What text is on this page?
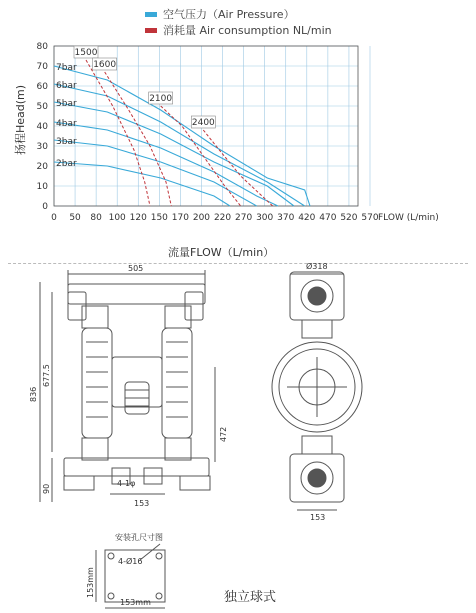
空气压力（Air Pressure）
消耗量 Air consumption NL/min
扬程Head(m)
0
10
20
30
40
50
60
70
80
0 50 80 100 120 150 170 200 220 270 300 370 420 470 520 570 FLOW (L/min)
7bar
6bar
5bar
4bar
3bar
2bar
1500
1600
2100
2400
流量FLOW（L/min）
505
836
677.5
472
90
4-1φ
153
Ø318
153
安装孔尺寸图
4-Ø16
153mm
153mm	独立球式
